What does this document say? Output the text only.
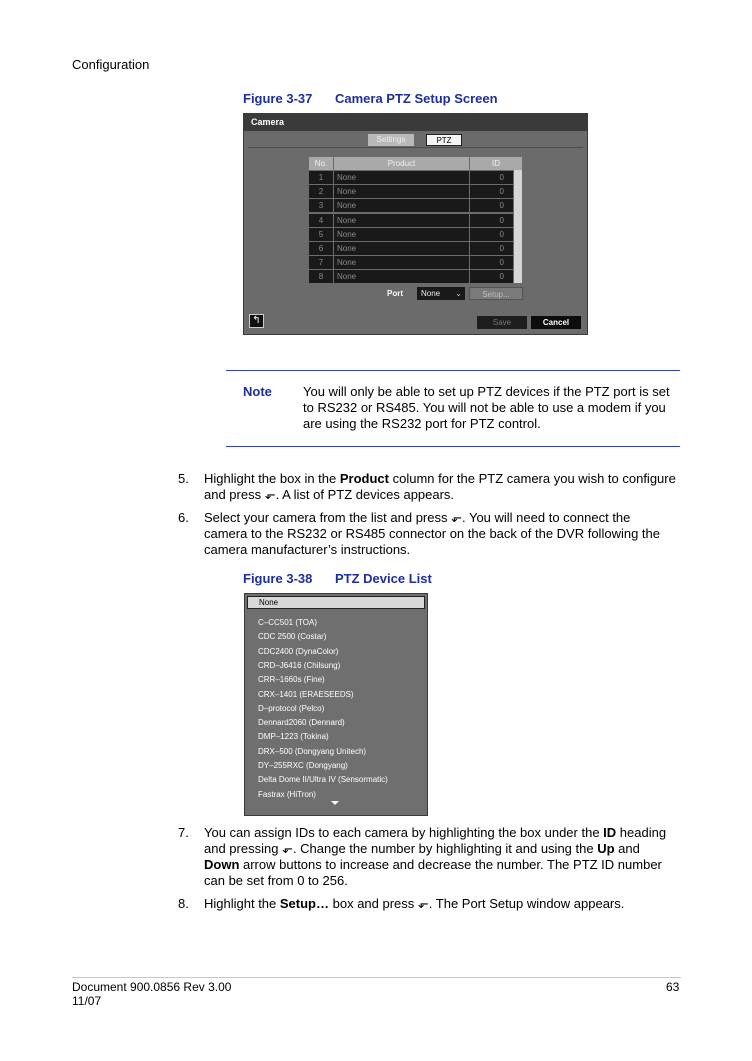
Configuration
Figure 3-37 Camera PTZ Setup Screen
Camera
Settings	PTZ
No.	Product	ID
1	None	0
2	None	0
3	None	0
4	None	0
5	None	0
6	None	0
7	None	0
8	None	0
Port	None ⌄	Setup...
↰	Save	Cancel
Note You will only be able to set up PTZ devices if the PTZ port is set
to RS232 or RS485. You will not be able to use a modem if you
are using the RS232 port for PTZ control.
5. Highlight the box in the Product column for the PTZ camera you wish to configure
and press ⬐. A list of PTZ devices appears.
6. Select your camera from the list and press ⬐. You will need to connect the
camera to the RS232 or RS485 connector on the back of the DVR following the
camera manufacturer’s instructions.
Figure 3-38 PTZ Device List
None
C–CC501 (TOA)
CDC 2500 (Costar)
CDC2400 (DynaColor)
CRD–J6416 (Chilsung)
CRR–1660s (Fine)
CRX–1401 (ERAESEEDS)
D–protocol (Pelco)
Dennard2060 (Dennard)
DMP–1223 (Tokina)
DRX–500 (Dongyang Unitech)
DY–255RXC (Dongyang)
Delta Dome II/Ultra IV (Sensormatic)
Fastrax (HiTron)
7. You can assign IDs to each camera by highlighting the box under the ID heading
and pressing ⬐. Change the number by highlighting it and using the Up and
Down arrow buttons to increase and decrease the number. The PTZ ID number
can be set from 0 to 256.
8. Highlight the Setup… box and press ⬐. The Port Setup window appears.
Document 900.0856 Rev 3.00
11/07
63
